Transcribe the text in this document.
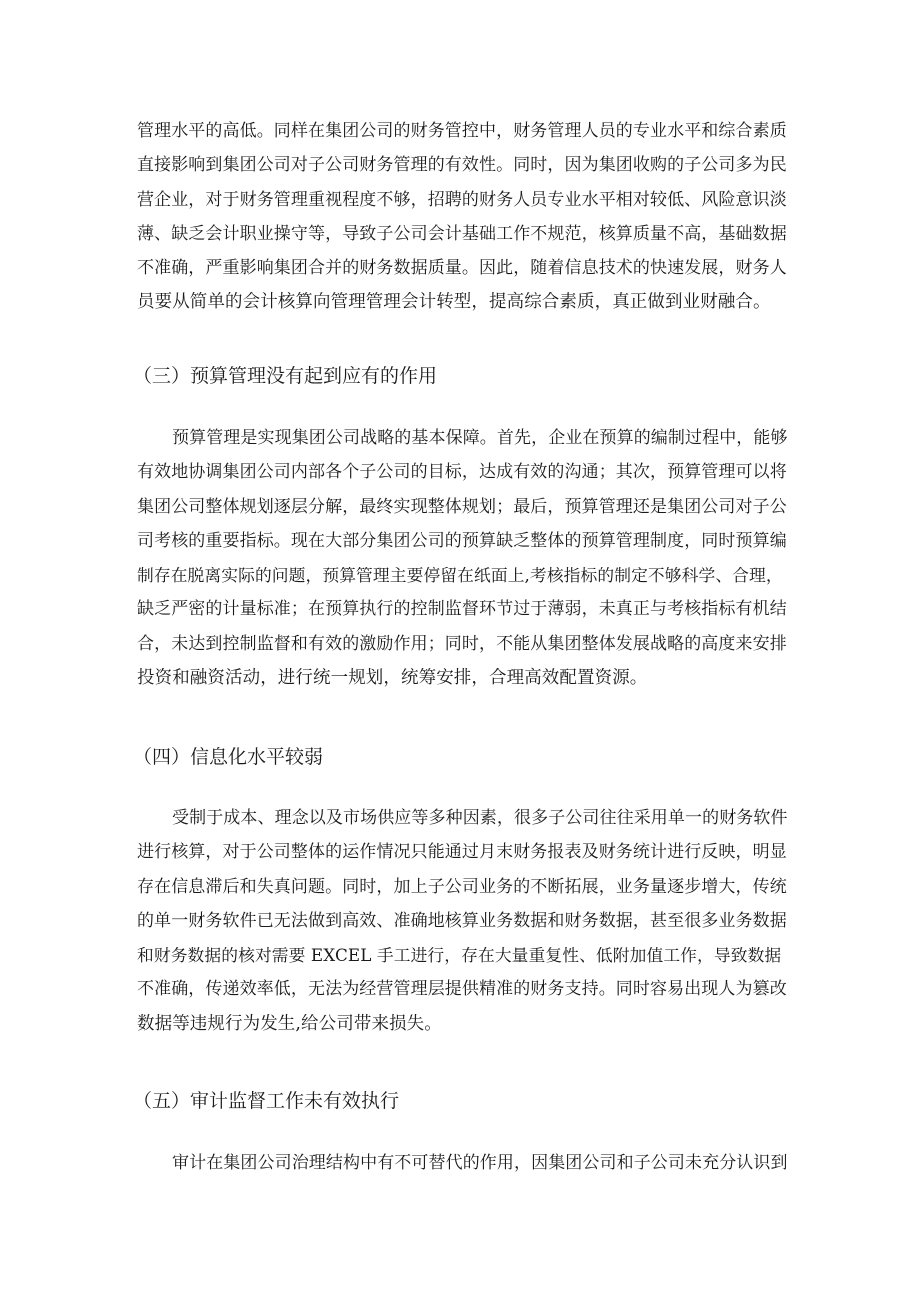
管理水平的高低。同样在集团公司的财务管控中，财务管理人员的专业水平和综合素质
直接影响到集团公司对子公司财务管理的有效性。同时，因为集团收购的子公司多为民
营企业，对于财务管理重视程度不够，招聘的财务人员专业水平相对较低、风险意识淡
薄、缺乏会计职业操守等，导致子公司会计基础工作不规范，核算质量不高，基础数据
不准确，严重影响集团合并的财务数据质量。因此，随着信息技术的快速发展，财务人
员要从简单的会计核算向管理管理会计转型，提高综合素质，真正做到业财融合。
（三）预算管理没有起到应有的作用
预算管理是实现集团公司战略的基本保障。首先，企业在预算的编制过程中，能够
有效地协调集团公司内部各个子公司的目标，达成有效的沟通；其次，预算管理可以将
集团公司整体规划逐层分解，最终实现整体规划；最后，预算管理还是集团公司对子公
司考核的重要指标。现在大部分集团公司的预算缺乏整体的预算管理制度，同时预算编
制存在脱离实际的问题，预算管理主要停留在纸面上,考核指标的制定不够科学、合理，
缺乏严密的计量标准；在预算执行的控制监督环节过于薄弱，未真正与考核指标有机结
合，未达到控制监督和有效的激励作用；同时，不能从集团整体发展战略的高度来安排
投资和融资活动，进行统一规划，统筹安排，合理高效配置资源。
（四）信息化水平较弱
受制于成本、理念以及市场供应等多种因素，很多子公司往往采用单一的财务软件
进行核算，对于公司整体的运作情况只能通过月末财务报表及财务统计进行反映，明显
存在信息滞后和失真问题。同时，加上子公司业务的不断拓展，业务量逐步增大，传统
的单一财务软件已无法做到高效、准确地核算业务数据和财务数据，甚至很多业务数据
和财务数据的核对需要 EXCEL 手工进行，存在大量重复性、低附加值工作，导致数据
不准确，传递效率低，无法为经营管理层提供精准的财务支持。同时容易出现人为篡改
数据等违规行为发生,给公司带来损失。
（五）审计监督工作未有效执行
审计在集团公司治理结构中有不可替代的作用，因集团公司和子公司未充分认识到
